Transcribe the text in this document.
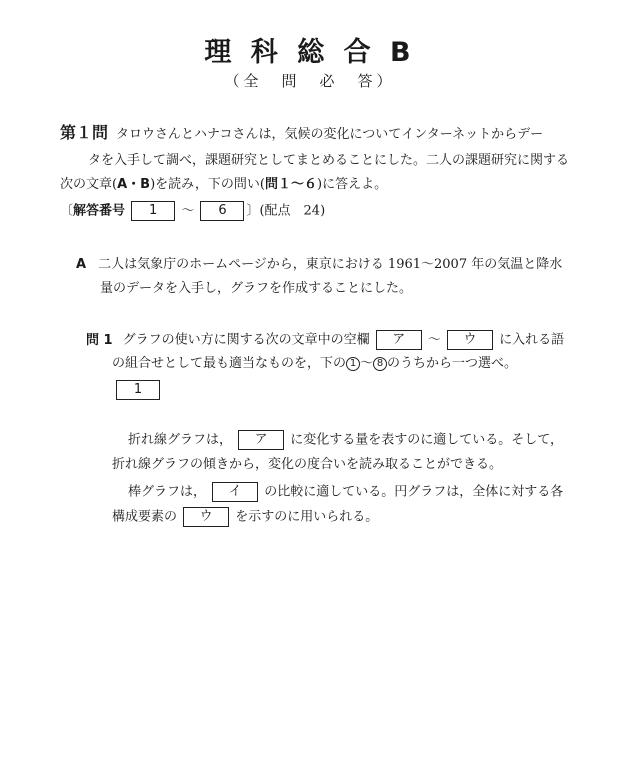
理 科 総 合 B
（全　問　必　答）
第１問 タロウさんとハナコさんは，気候の変化についてインターネットからデー
タを入手して調べ，課題研究としてまとめることにした。二人の課題研究に関する
次の文章(A・B)を読み，下の問い(問１〜６)に答えよ。
〔解答番号 1 〜 6 〕(配点　24)
A 二人は気象庁のホームページから，東京における 1961〜2007 年の気温と降水
量のデータを入手し，グラフを作成することにした。
問 1 グラフの使い方に関する次の文章中の空欄 ア 〜 ウ に入れる語
の組合せとして最も適当なものを，下の 1 〜 8 のうちから一つ選べ。
1
折れ線グラフは， ア に変化する量を表すのに適している。そして，
折れ線グラフの傾きから，変化の度合いを読み取ることができる。
棒グラフは， イ の比較に適している。円グラフは，全体に対する各
構成要素の ウ を示すのに用いられる。
